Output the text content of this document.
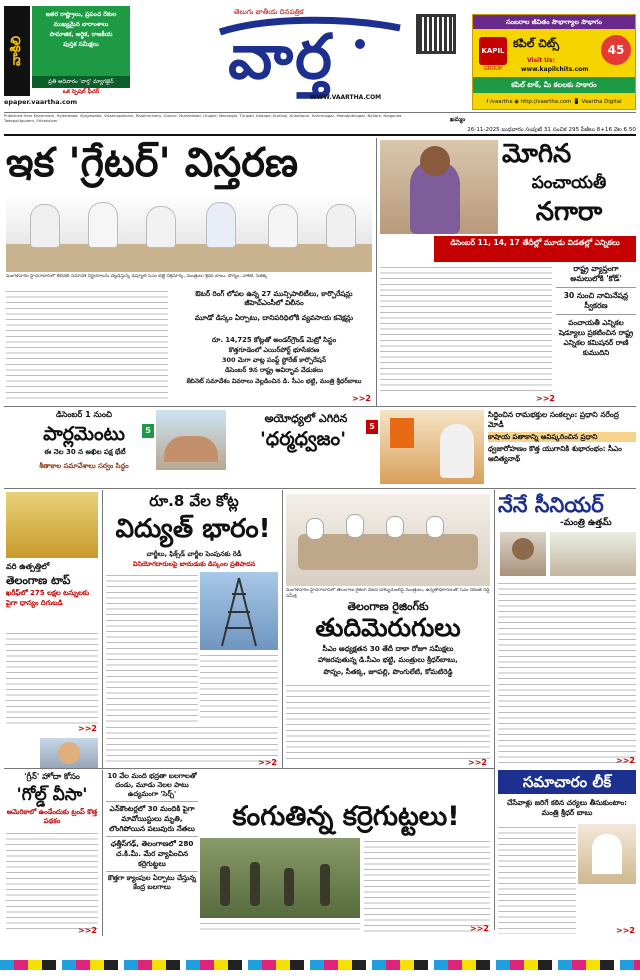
వాకిలి
ఇతర రాష్ట్రాలు, ప్రపంచ రేకుల
ముఖ్యమైన వారాంశాలు
సామాజిక, ఆర్థిక, రాజకీయ
పుస్తక సమీక్షలు
ప్రతి ఆదివారం 'వార్త' మ్యాగజైన్
ఒక స్పెషల్ ఫీచర్
epaper.vaartha.com
తెలుగు జాతీయ దినపత్రిక
వార్త
WWW.VAARTHA.COM
సంబరాల జీవితం సౌభాగ్యాల సౌభాగం
KAPIL
GROUP
కపిల్ చిట్స్
Visit Us:
www.kapilchits.com
45
కపిల్ టాక్, మీ కలలకు సాకారం
f /vaartha ◉ http://vaartha.com 📱 Vaartha Digital
Published from Khammam, Hyderabad, Vijayawada, Visakhapatnam, Rajahmundry, Guntur, Nizamabad, Ongole, Warangal, Tirupati, Kadapa, Kurnool, Anantapur, Karimnagar, Mahabubnagar, Nellore, Nalgonda, Tadepalligudem, Srikakulam	ఖమ్మం
26-11-2025 బుధవారం సంపుటి 31 సంచిక 295 పేజీలు 8+16 వెల 6.50
ఇక 'గ్రేటర్' విస్తరణ
మంగళవారం హైదరాబాద్‌లో కేబినెట్ సమావేశ నిర్ణయాలను వెల్లడిస్తున్న డిప్యూటీ సీఎం భట్టి విక్రమార్క, మంత్రులు శ్రీధర్ బాబు, పొన్నం, వాకిటి, సీతక్క
ఔటర్ రింగ్ లోపల ఉన్న 27 మున్సిపాలిటీలు, కార్పొరేషన్లు జీహెచ్ఎంసీలో విలీనం
మూడో డిస్కం ఏర్పాటు, దానిపరిధిలోకి వ్యవసాయ కనెక్షన్లు
రూ. 14,725 కోట్లతో అండర్‌గ్రౌండ్ మెట్రో సిస్టం
కొత్తగూడెంలో ఎయిర్‌పోర్ట్ భూసేకరణ
300 మెగా వాట్ల పంప్డ్ స్టోరేజ్ కార్పొరేషన్
డిసెంబర్ 9న రాష్ట్ర ఆవిర్భావ వేడుకలు
కేబినెట్ సమావేశం వివరాలు వెల్లడించిన డి. సీఎం భట్టి, మంత్రి శ్రీధర్‌బాబు
>>2
మోగిన
పంచాయతీ
నగారా
డిసెంబర్ 11, 14, 17 తేదీల్లో మూడు విడతల్లో ఎన్నికలు
రాష్ట్ర వ్యాప్తంగా అమలులోకి 'కోడ్'
30 నుంచి నామినేషన్ల స్వీకరణ
పంచాయతీ ఎన్నికల షెడ్యూలు ప్రకటించిన రాష్ట్ర ఎన్నికల కమిషనర్ రాణి కుముదిని
>>2
డిసెంబర్ 1 నుంచి
పార్లమెంటు
ఈ నెల 30 న అఖిల పక్ష భేటీ
శీతాకాల సమావేశాలు సర్వం సిద్ధం
5
అయోధ్యలో ఎగిరిన
'ధర్మధ్వజం'
5
సిద్ధించిన రామభక్తుల సంకల్పం: ప్రధాని నరేంద్ర మోడీ
కాషాయ పతాకాన్ని ఆవిష్కరించిన ప్రధాని
ధ్వజారోహణం కొత్త యుగానికి శుభారంభం: సీఎం ఆదిత్యనాథ్
వరి ఉత్పత్తిలో
తెలంగాణ టాప్
ఖరీఫ్‌లో 275 లక్షల టన్నులకు పైగా ధాన్యం దిగుబడి
>>2
రూ.8 వేల కోట్ల
విద్యుత్ భారం!
చార్జీలు, ఫిక్స్‌డ్ చార్జీల పెంపునకు రెడీ
వినియోగదారులపై బాదుడుకు డిస్కంల ప్రతిపాదన
>>2
మంగళవారం హైదరాబాద్‌లో తెలంగాణ రైజింగ్ విజన్ డాక్యుమెంట్‌పై మంత్రులు, ఉన్నతాధికారులతో సీఎం రేవంత్ రెడ్డి సమీక్ష
తెలంగాణ రైజింగ్‌కు
తుదిమెరుగులు
సీఎం అధ్యక్షతన 30 తేదీ దాకా రోజూ సమీక్షలు
హాజరవుతున్న డి.సీఎం భట్టి, మంత్రులు శ్రీధర్‌బాబు,
పొన్నం, సీతక్క, జూపల్లి, పొంగులేటి, కోమటిరెడ్డి
>>2
నేనే సీనియర్
-మంత్రి ఉత్తమ్
>>2
సమాచారం లీక్
చేసేవాళ్లు జరిగే కఠిన చర్యలు తీసుకుంటాం: మంత్రి శ్రీధర్ బాబు
>>2
'గ్రీన్' హోదా కోసం
'గోల్డ్ వీసా'
అమెరికాలో ఉండేందుకు ట్రంప్ కొత్త పథకం
>>2
10 వేల మంది భద్రతా బలగాలతో దండు, మూడు నెలల పాటు ఉద్యమంగా 'సెర్చ్'
ఎన్‌కౌంటర్లలో 30 మందికి పైగా మావోయిస్టులు మృతి, లొంగిపోయిన పలువురు నేతలు
ఛత్తీస్‌గఢ్, తెలంగాణలో 280 చ.కి.మీ. మేర వ్యాపించిన కర్రెగుట్టలు
కొత్తగా క్యాంపుల ఏర్పాటు చేస్తున్న కేంద్ర బలగాలు
కంగుతిన్న కర్రెగుట్టలు!
>>2
